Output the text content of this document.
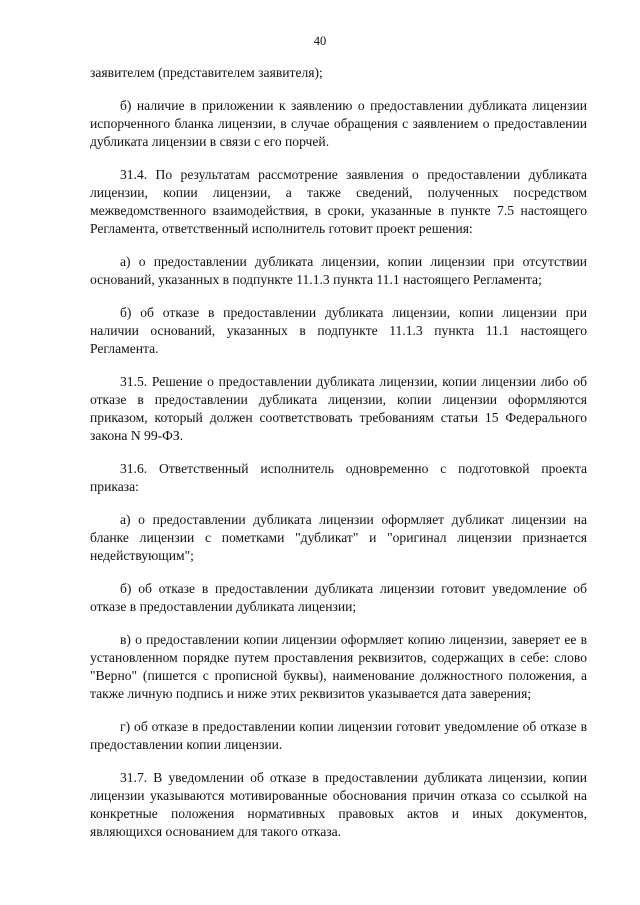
40

заявителем (представителем заявителя);

б) наличие в приложении к заявлению о предоставлении дубликата лицензии испорченного бланка лицензии, в случае обращения с заявлением о предоставлении дубликата лицензии в связи с его порчей.

31.4. По результатам рассмотрение заявления о предоставлении дубликата лицензии, копии лицензии, а также сведений, полученных посредством межведомственного взаимодействия, в сроки, указанные в пункте 7.5 настоящего Регламента, ответственный исполнитель готовит проект решения:

а) о предоставлении дубликата лицензии, копии лицензии при отсутствии оснований, указанных в подпункте 11.1.3 пункта 11.1 настоящего Регламента;

б) об отказе в предоставлении дубликата лицензии, копии лицензии при наличии оснований, указанных в подпункте 11.1.3 пункта 11.1 настоящего Регламента.

31.5. Решение о предоставлении дубликата лицензии, копии лицензии либо об отказе в предоставлении дубликата лицензии, копии лицензии оформляются приказом, который должен соответствовать требованиям статьи 15 Федерального закона N 99-ФЗ.

31.6. Ответственный исполнитель одновременно с подготовкой проекта приказа:

а) о предоставлении дубликата лицензии оформляет дубликат лицензии на бланке лицензии с пометками "дубликат" и "оригинал лицензии признается недействующим";

б) об отказе в предоставлении дубликата лицензии готовит уведомление об отказе в предоставлении дубликата лицензии;

в) о предоставлении копии лицензии оформляет копию лицензии, заверяет ее в установленном порядке путем проставления реквизитов, содержащих в себе: слово "Верно" (пишется с прописной буквы), наименование должностного положения, а также личную подпись и ниже этих реквизитов указывается дата заверения;

г) об отказе в предоставлении копии лицензии готовит уведомление об отказе в предоставлении копии лицензии.

31.7. В уведомлении об отказе в предоставлении дубликата лицензии, копии лицензии указываются мотивированные обоснования причин отказа со ссылкой на конкретные положения нормативных правовых актов и иных документов, являющихся основанием для такого отказа.
